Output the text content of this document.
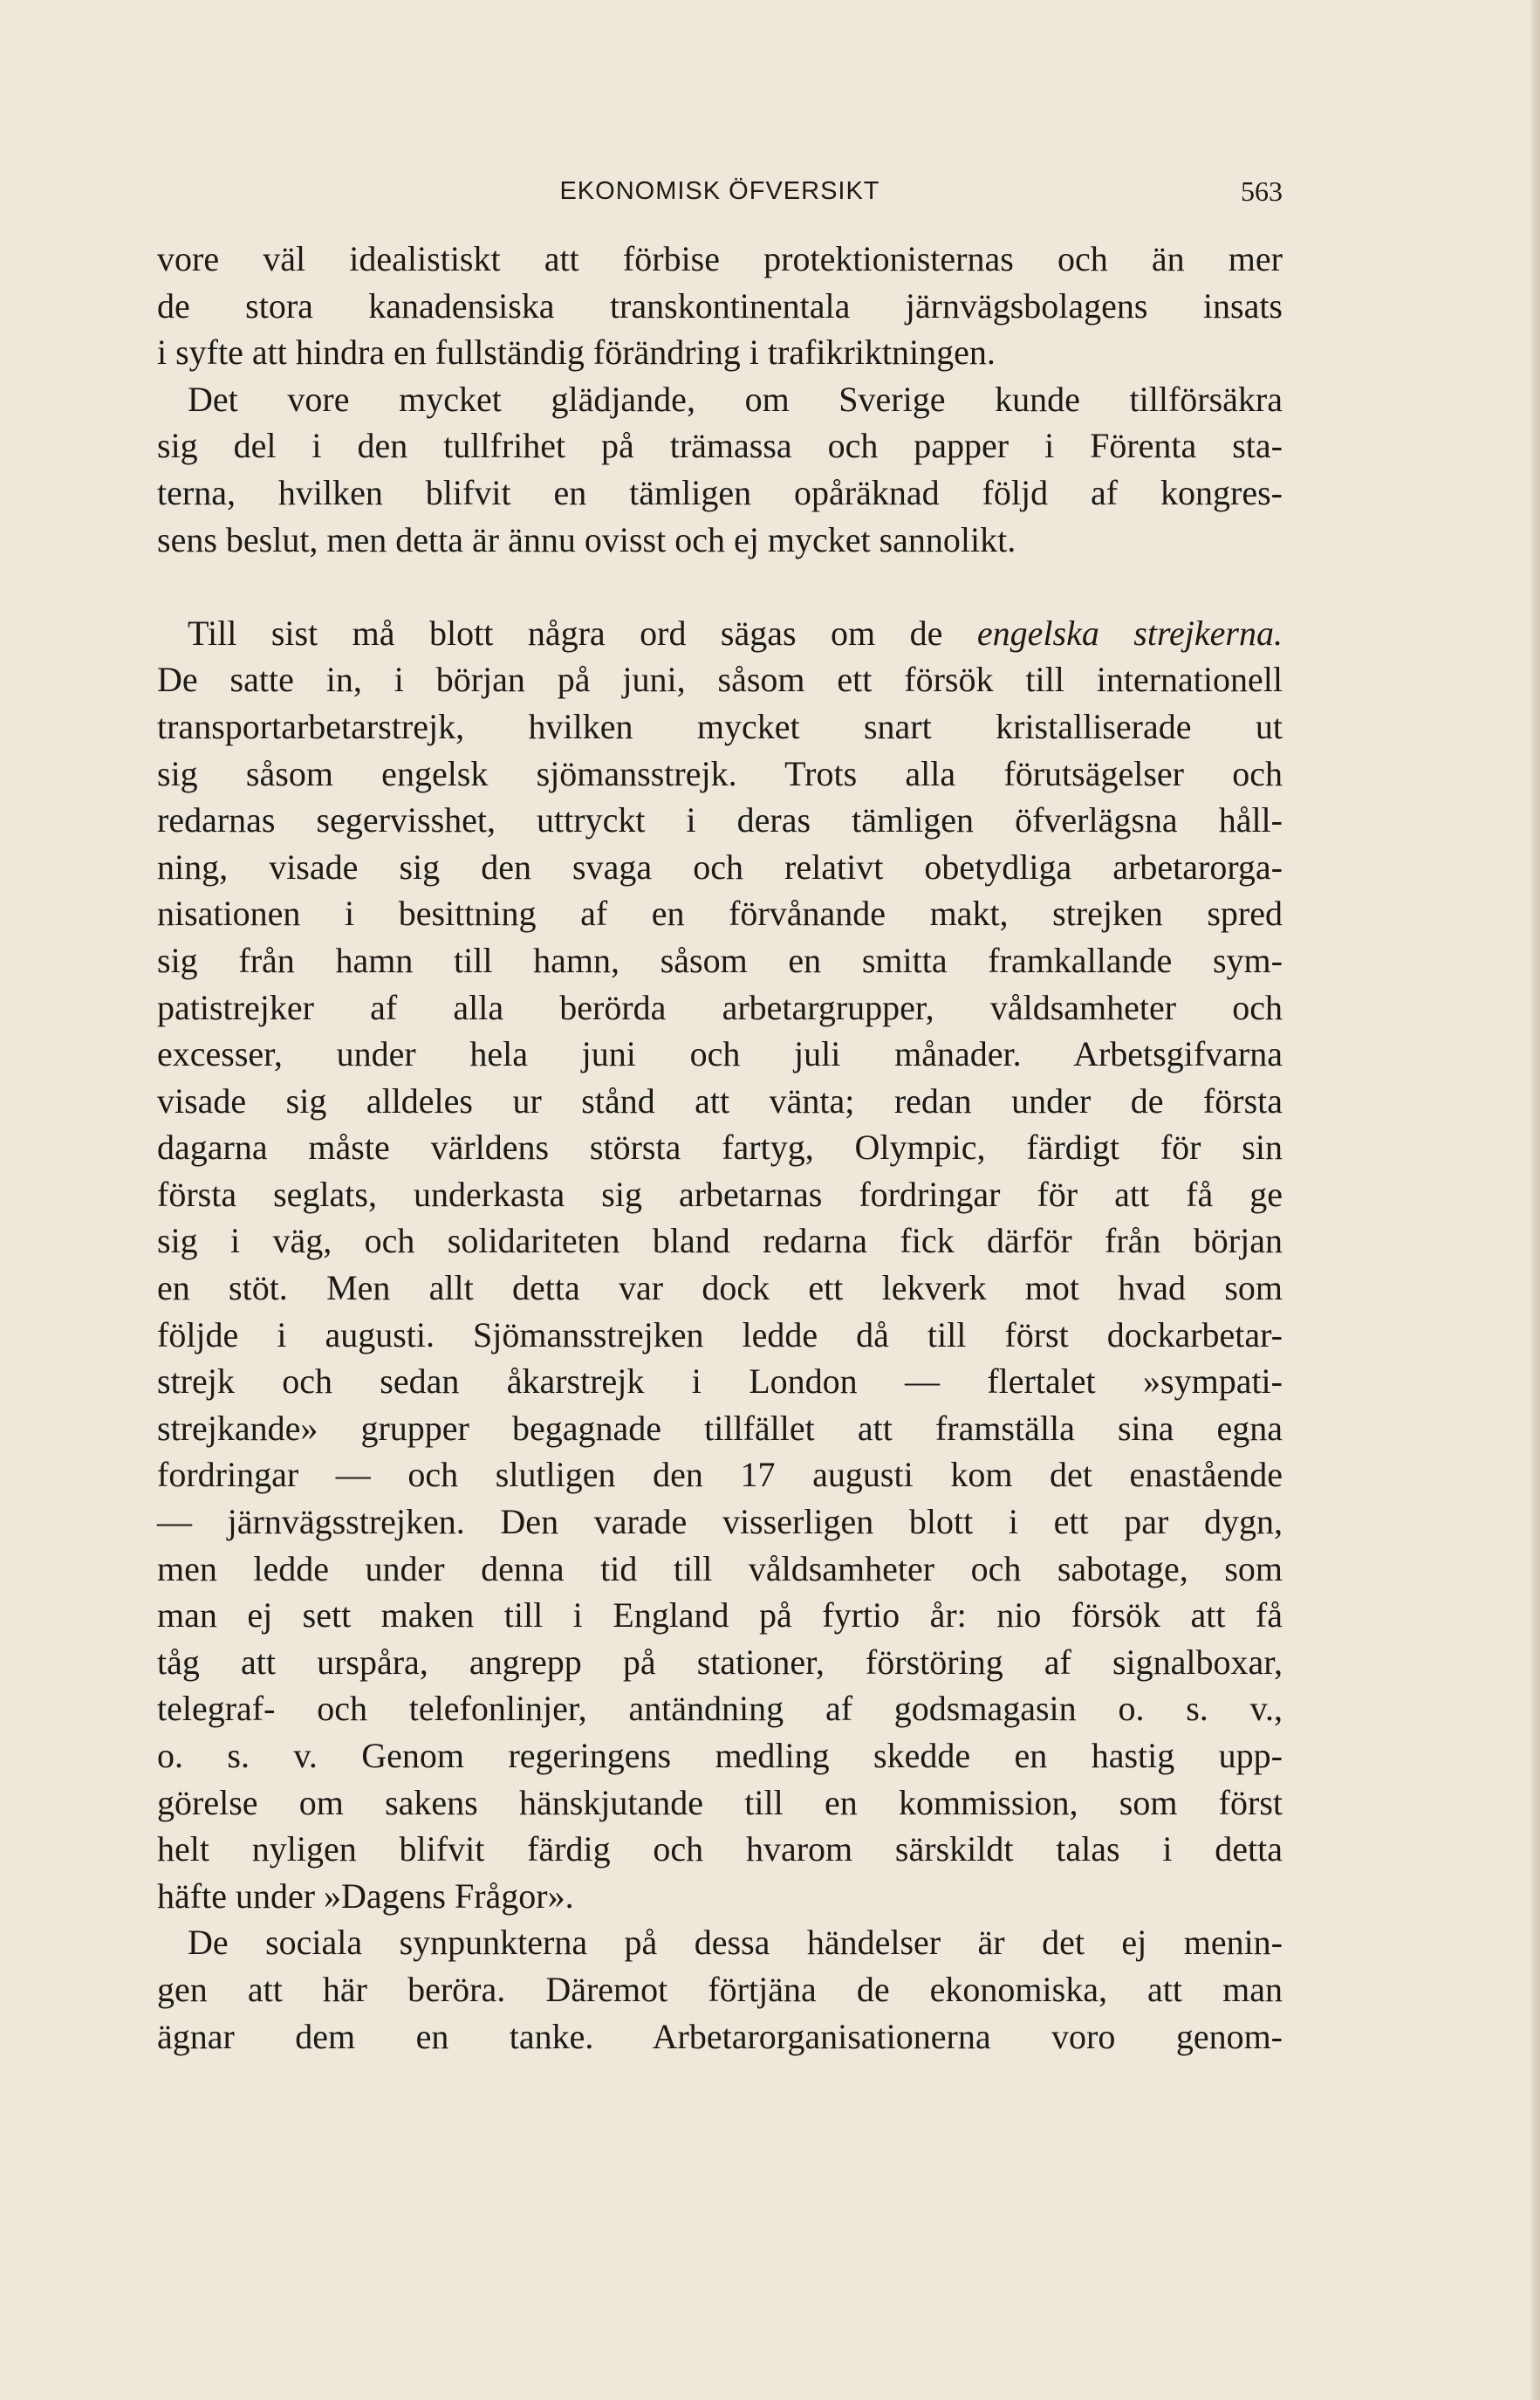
EKONOMISK ÖFVERSIKT	563
vore väl idealistiskt att förbise protektionisternas och än mer
de stora kanadensiska transkontinentala järnvägsbolagens insats
i syfte att hindra en fullständig förändring i trafikriktningen.
Det vore mycket glädjande, om Sverige kunde tillförsäkra
sig del i den tullfrihet på trämassa och papper i Förenta sta-
terna, hvilken blifvit en tämligen opåräknad följd af kongres-
sens beslut, men detta är ännu ovisst och ej mycket sannolikt.
Till sist må blott några ord sägas om de engelska strejkerna.
De satte in, i början på juni, såsom ett försök till internationell
transportarbetarstrejk, hvilken mycket snart kristalliserade ut
sig såsom engelsk sjömansstrejk. Trots alla förutsägelser och
redarnas segervisshet, uttryckt i deras tämligen öfverlägsna håll-
ning, visade sig den svaga och relativt obetydliga arbetarorga-
nisationen i besittning af en förvånande makt, strejken spred
sig från hamn till hamn, såsom en smitta framkallande sym-
patistrejker af alla berörda arbetargrupper, våldsamheter och
excesser, under hela juni och juli månader. Arbetsgifvarna
visade sig alldeles ur stånd att vänta; redan under de första
dagarna måste världens största fartyg, Olympic, färdigt för sin
första seglats, underkasta sig arbetarnas fordringar för att få ge
sig i väg, och solidariteten bland redarna fick därför från början
en stöt. Men allt detta var dock ett lekverk mot hvad som
följde i augusti. Sjömansstrejken ledde då till först dockarbetar-
strejk och sedan åkarstrejk i London — flertalet »sympati-
strejkande» grupper begagnade tillfället att framställa sina egna
fordringar — och slutligen den 17 augusti kom det enastående
— järnvägsstrejken. Den varade visserligen blott i ett par dygn,
men ledde under denna tid till våldsamheter och sabotage, som
man ej sett maken till i England på fyrtio år: nio försök att få
tåg att urspåra, angrepp på stationer, förstöring af signalboxar,
telegraf- och telefonlinjer, antändning af godsmagasin o. s. v.,
o. s. v. Genom regeringens medling skedde en hastig upp-
görelse om sakens hänskjutande till en kommission, som först
helt nyligen blifvit färdig och hvarom särskildt talas i detta
häfte under »Dagens Frågor».
De sociala synpunkterna på dessa händelser är det ej menin-
gen att här beröra. Däremot förtjäna de ekonomiska, att man
ägnar dem en tanke. Arbetarorganisationerna voro genom-
